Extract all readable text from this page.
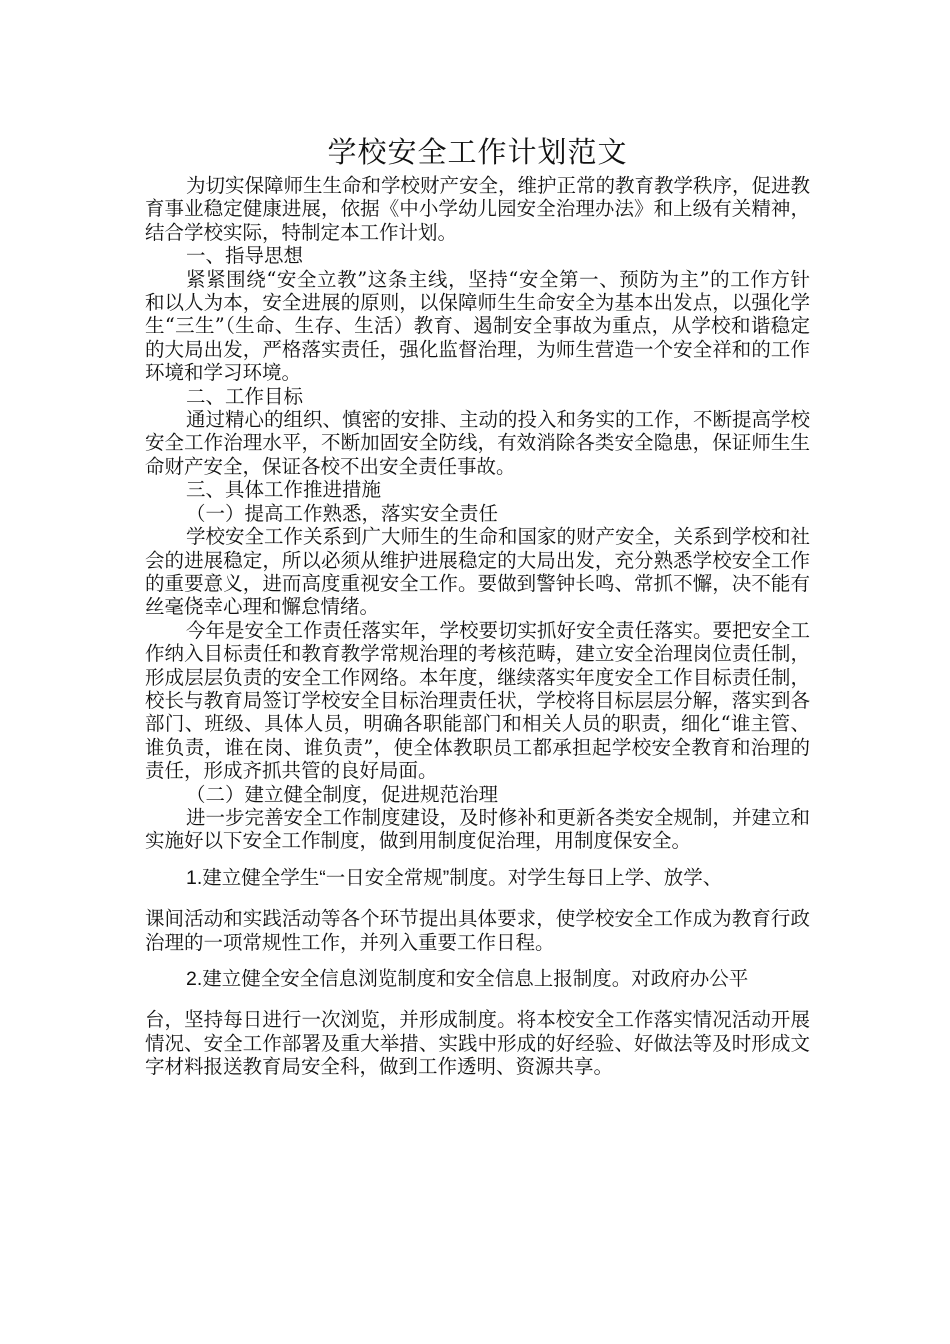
学校安全工作计划范文

为切实保障师生生命和学校财产安全，维护正常的教育教学秩序，促进教育事业稳定健康进展，依据《中小学幼儿园安全治理办法》和上级有关精神，结合学校实际，特制定本工作计划。

一、指导思想

紧紧围绕“安全立教”这条主线，坚持“安全第一、预防为主”的工作方针和以人为本，安全进展的原则，以保障师生生命安全为基本出发点，以强化学生“三生”（生命、生存、生活）教育、遏制安全事故为重点，从学校和谐稳定的大局出发，严格落实责任，强化监督治理，为师生营造一个安全祥和的工作环境和学习环境。

二、工作目标

通过精心的组织、慎密的安排、主动的投入和务实的工作，不断提高学校安全工作治理水平，不断加固安全防线，有效消除各类安全隐患，保证师生生命财产安全，保证各校不出安全责任事故。

三、具体工作推进措施

（一）提高工作熟悉，落实安全责任

学校安全工作关系到广大师生的生命和国家的财产安全，关系到学校和社会的进展稳定，所以必须从维护进展稳定的大局出发，充分熟悉学校安全工作的重要意义，进而高度重视安全工作。要做到警钟长鸣、常抓不懈，决不能有丝毫侥幸心理和懈怠情绪。

今年是安全工作责任落实年，学校要切实抓好安全责任落实。要把安全工作纳入目标责任和教育教学常规治理的考核范畴，建立安全治理岗位责任制，形成层层负责的安全工作网络。本年度，继续落实年度安全工作目标责任制，校长与教育局签订学校安全目标治理责任状，学校将目标层层分解，落实到各部门、班级、具体人员，明确各职能部门和相关人员的职责，细化“谁主管、谁负责，谁在岗、谁负责”，使全体教职员工都承担起学校安全教育和治理的责任，形成齐抓共管的良好局面。

（二）建立健全制度，促进规范治理

进一步完善安全工作制度建设，及时修补和更新各类安全规制，并建立和实施好以下安全工作制度，做到用制度促治理，用制度保安全。

1.建立健全学生“一日安全常规”制度。对学生每日上学、放学、

课间活动和实践活动等各个环节提出具体要求，使学校安全工作成为教育行政治理的一项常规性工作，并列入重要工作日程。

2.建立健全安全信息浏览制度和安全信息上报制度。对政府办公平

台，坚持每日进行一次浏览，并形成制度。将本校安全工作落实情况活动开展情况、安全工作部署及重大举措、实践中形成的好经验、好做法等及时形成文字材料报送教育局安全科，做到工作透明、资源共享。
